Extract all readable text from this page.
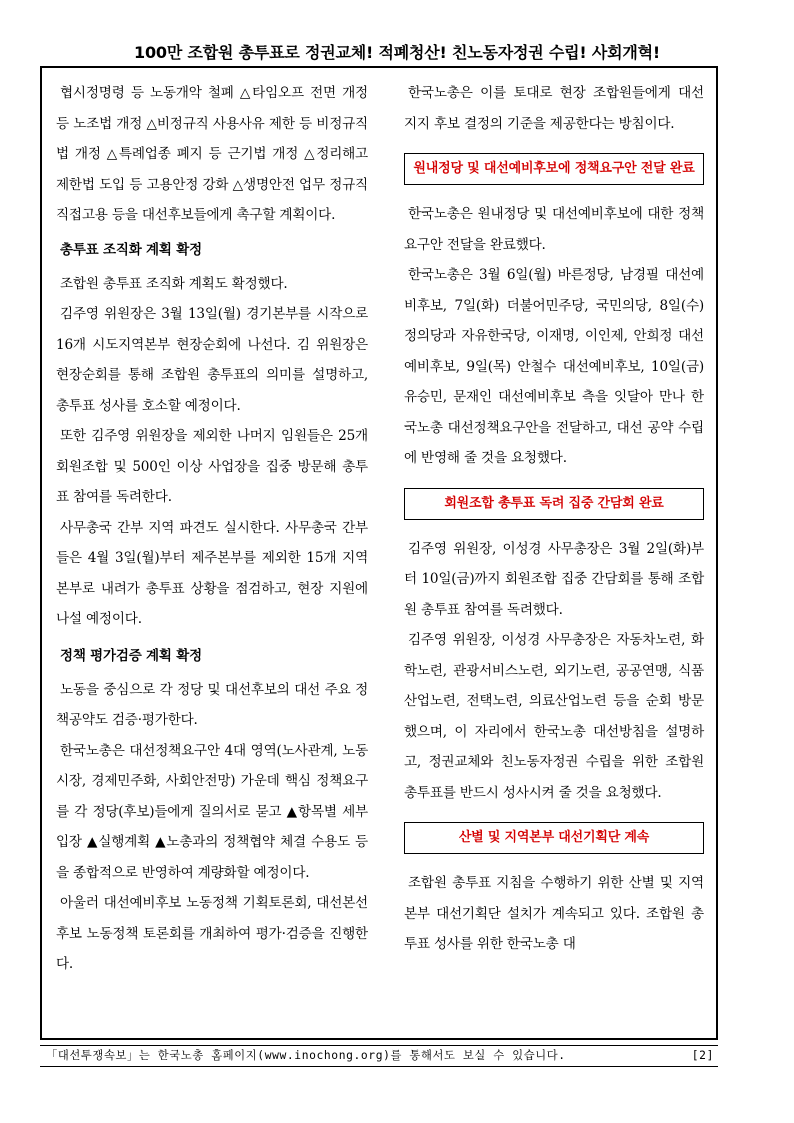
100만 조합원 총투표로 정권교체! 적폐청산! 친노동자정권 수립! 사회개혁!

협시정명령 등 노동개악 철폐 △타임오프 전면 개정 등 노조법 개정 △비정규직 사용사유 제한 등 비정규직법 개정 △특례업종 폐지 등 근기법 개정 △정리해고 제한법 도입 등 고용안정 강화 △생명안전 업무 정규직 직접고용 등을 대선후보들에게 촉구할 계획이다.

총투표 조직화 계획 확정

조합원 총투표 조직화 계획도 확정했다.

김주영 위원장은 3월 13일(월) 경기본부를 시작으로 16개 시도지역본부 현장순회에 나선다. 김 위원장은 현장순회를 통해 조합원 총투표의 의미를 설명하고, 총투표 성사를 호소할 예정이다.

또한 김주영 위원장을 제외한 나머지 임원들은 25개 회원조합 및 500인 이상 사업장을 집중 방문해 총투표 참여를 독려한다.

사무총국 간부 지역 파견도 실시한다. 사무총국 간부들은 4월 3일(월)부터 제주본부를 제외한 15개 지역본부로 내려가 총투표 상황을 점검하고, 현장 지원에 나설 예정이다.

정책 평가검증 계획 확정

노동을 중심으로 각 정당 및 대선후보의 대선 주요 정책공약도 검증·평가한다.

한국노총은 대선정책요구안 4대 영역(노사관계, 노동시장, 경제민주화, 사회안전망) 가운데 핵심 정책요구를 각 정당(후보)들에게 질의서로 묻고 ▲항목별 세부 입장 ▲실행계획 ▲노총과의 정책협약 체결 수용도 등을 종합적으로 반영하여 계량화할 예정이다.

아울러 대선예비후보 노동정책 기획토론회, 대선본선후보 노동정책 토론회를 개최하여 평가·검증을 진행한다.

한국노총은 이를 토대로 현장 조합원들에게 대선 지지 후보 결정의 기준을 제공한다는 방침이다.

원내정당 및 대선예비후보에 정책요구안 전달 완료

한국노총은 원내정당 및 대선예비후보에 대한 정책요구안 전달을 완료했다.

한국노총은 3월 6일(월) 바른정당, 남경필 대선예비후보, 7일(화) 더불어민주당, 국민의당, 8일(수) 정의당과 자유한국당, 이재명, 이인제, 안희정 대선예비후보, 9일(목) 안철수 대선예비후보, 10일(금) 유승민, 문재인 대선예비후보 측을 잇달아 만나 한국노총 대선정책요구안을 전달하고, 대선 공약 수립에 반영해 줄 것을 요청했다.

회원조합 총투표 독려 집중 간담회 완료

김주영 위원장, 이성경 사무총장은 3월 2일(화)부터 10일(금)까지 회원조합 집중 간담회를 통해 조합원 총투표 참여를 독려했다.

김주영 위원장, 이성경 사무총장은 자동차노련, 화학노련, 관광서비스노련, 외기노련, 공공연맹, 식품산업노련, 전택노련, 의료산업노련 등을 순회 방문했으며, 이 자리에서 한국노총 대선방침을 설명하고, 정권교체와 친노동자정권 수립을 위한 조합원 총투표를 반드시 성사시켜 줄 것을 요청했다.

산별 및 지역본부 대선기획단 계속

조합원 총투표 지침을 수행하기 위한 산별 및 지역본부 대선기획단 설치가 계속되고 있다. 조합원 총투표 성사를 위한 한국노총 대

「대선투쟁속보」는 한국노총 홈페이지(www.inochong.org)를 통해서도 보실 수 있습니다.	[2]
